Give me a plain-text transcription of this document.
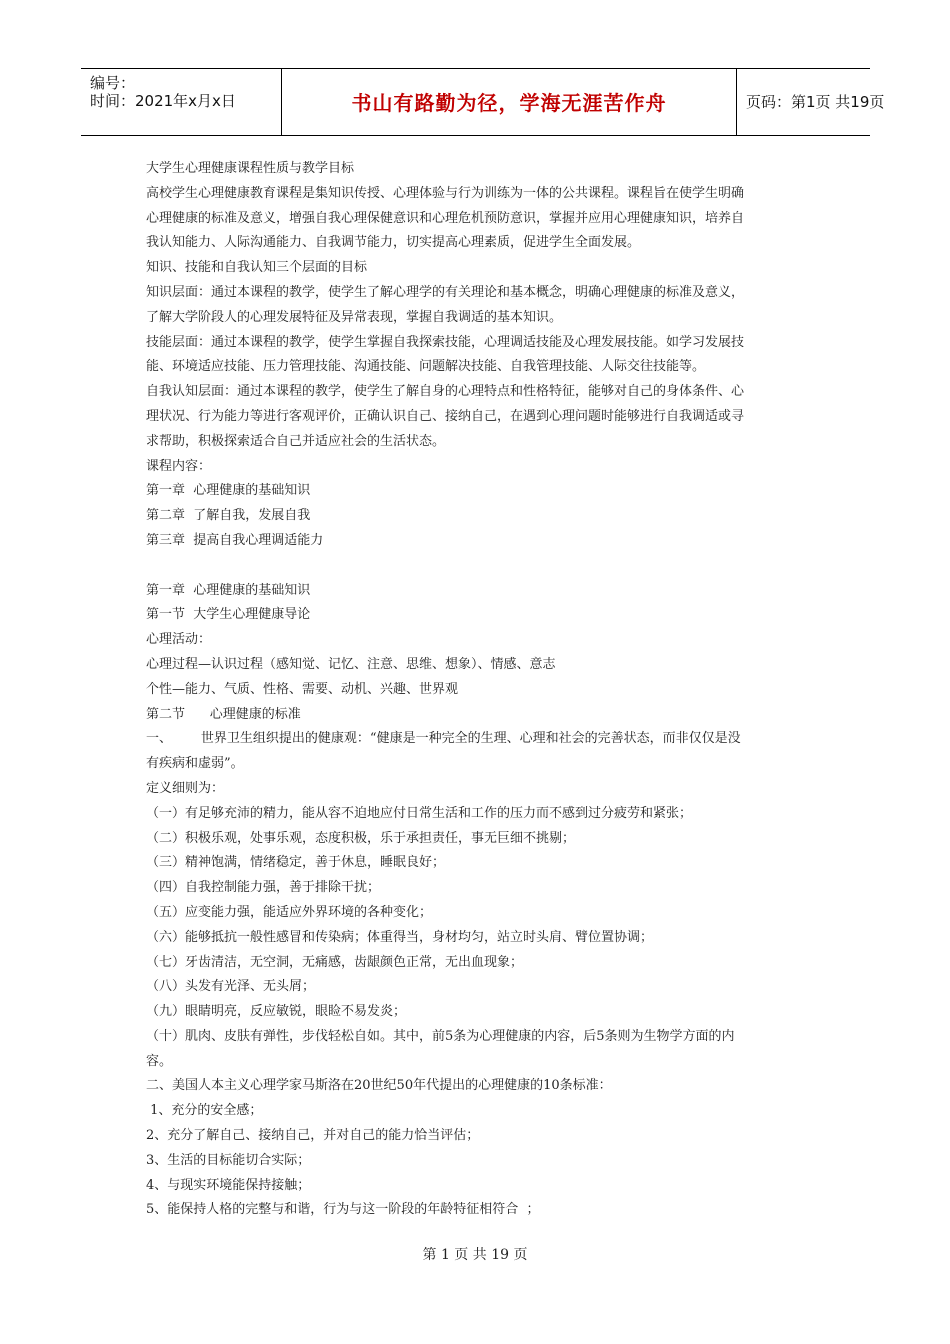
编号：
时间：2021年x月x日	书山有路勤为径，学海无涯苦作舟	页码：第1页 共19页

大学生心理健康课程性质与教学目标

高校学生心理健康教育课程是集知识传授、心理体验与行为训练为一体的公共课程。课程旨在使学生明确

心理健康的标准及意义，增强自我心理保健意识和心理危机预防意识，掌握并应用心理健康知识，培养自

我认知能力、人际沟通能力、自我调节能力，切实提高心理素质，促进学生全面发展。

知识、技能和自我认知三个层面的目标

知识层面：通过本课程的教学，使学生了解心理学的有关理论和基本概念，明确心理健康的标准及意义，

了解大学阶段人的心理发展特征及异常表现，掌握自我调适的基本知识。

技能层面：通过本课程的教学，使学生掌握自我探索技能，心理调适技能及心理发展技能。如学习发展技

能、环境适应技能、压力管理技能、沟通技能、问题解决技能、自我管理技能、人际交往技能等。

自我认知层面：通过本课程的教学，使学生了解自身的心理特点和性格特征，能够对自己的身体条件、心

理状况、行为能力等进行客观评价，正确认识自己、接纳自己，在遇到心理问题时能够进行自我调适或寻

求帮助，积极探索适合自己并适应社会的生活状态。

课程内容：

第一章  心理健康的基础知识

第二章  了解自我，发展自我

第三章  提高自我心理调适能力

第一章  心理健康的基础知识

第一节  大学生心理健康导论

心理活动：

心理过程—认识过程（感知觉、记忆、注意、思维、想象）、情感、意志

个性—能力、气质、性格、需要、动机、兴趣、世界观

第二节      心理健康的标准

一、       世界卫生组织提出的健康观：“健康是一种完全的生理、心理和社会的完善状态，而非仅仅是没

有疾病和虚弱”。

定义细则为：

（一）有足够充沛的精力，能从容不迫地应付日常生活和工作的压力而不感到过分疲劳和紧张；

（二）积极乐观，处事乐观，态度积极，乐于承担责任，事无巨细不挑剔；

（三）精神饱满，情绪稳定，善于休息，睡眠良好；

（四）自我控制能力强，善于排除干扰；

（五）应变能力强，能适应外界环境的各种变化；

（六）能够抵抗一般性感冒和传染病；体重得当，身材均匀，站立时头肩、臂位置协调；

（七）牙齿清洁，无空洞，无痛感，齿龈颜色正常，无出血现象；

（八）头发有光泽、无头屑；

（九）眼睛明亮，反应敏锐，眼睑不易发炎；

（十）肌肉、皮肤有弹性，步伐轻松自如。其中，前5条为心理健康的内容，后5条则为生物学方面的内

容。

二、美国人本主义心理学家马斯洛在20世纪50年代提出的心理健康的10条标准：

1、充分的安全感；

2、充分了解自己、接纳自己，并对自己的能力恰当评估；

3、生活的目标能切合实际；

4、与现实环境能保持接触；

5、能保持人格的完整与和谐，行为与这一阶段的年龄特征相符合  ；

第 1 页 共 19 页
